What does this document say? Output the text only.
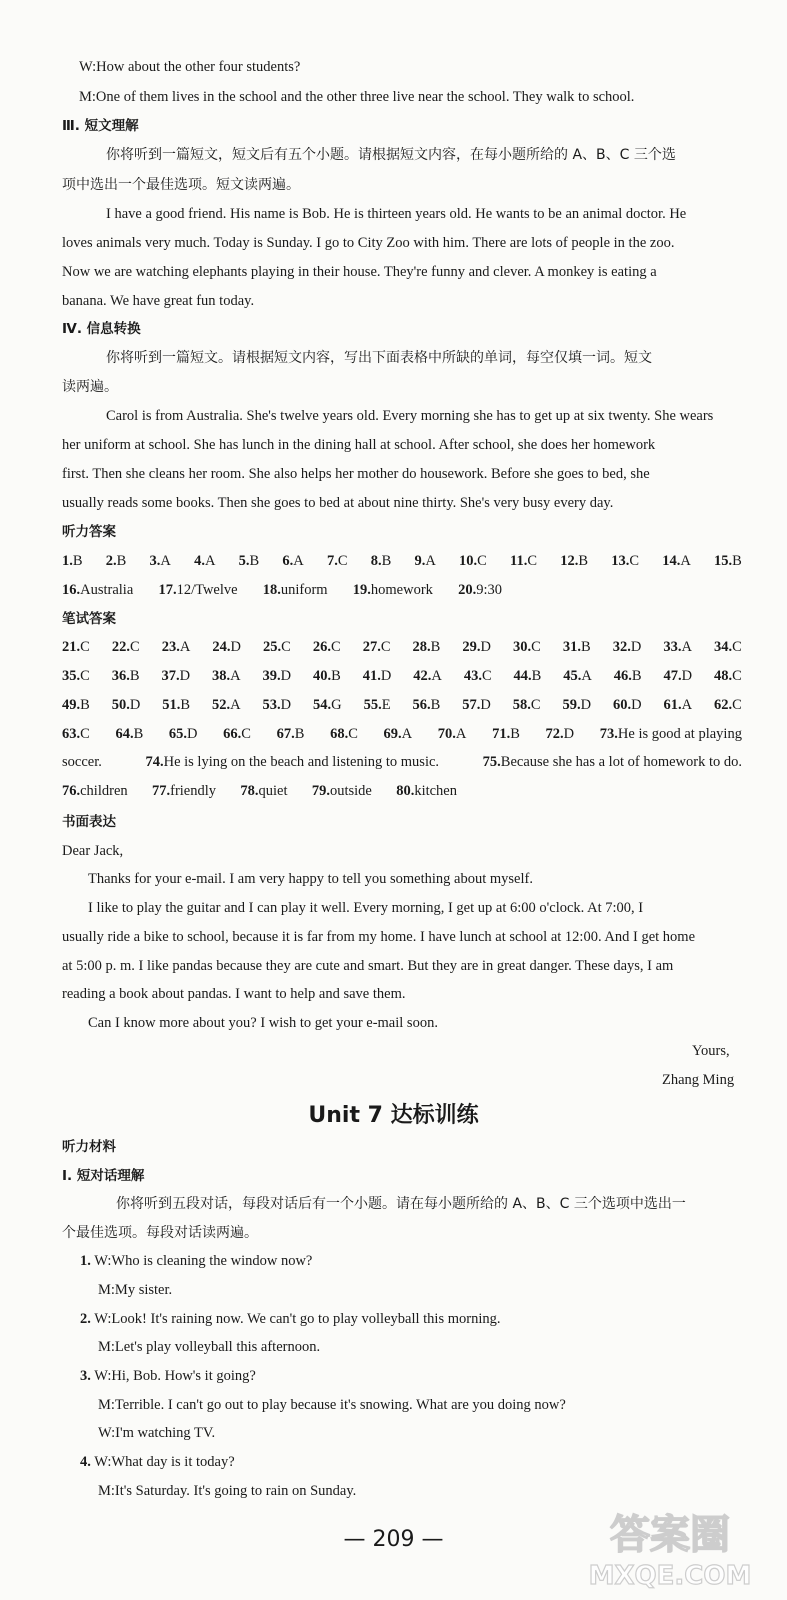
W:How about the other four students?
M:One of them lives in the school and the other three live near the school. They walk to school.
Ⅲ. 短文理解
你将听到一篇短文，短文后有五个小题。请根据短文内容，在每小题所给的 A、B、C 三个选
项中选出一个最佳选项。短文读两遍。
I have a good friend. His name is Bob. He is thirteen years old. He wants to be an animal doctor. He
loves animals very much. Today is Sunday. I go to City Zoo with him. There are lots of people in the zoo.
Now we are watching elephants playing in their house. They're funny and clever. A monkey is eating a
banana. We have great fun today.
Ⅳ. 信息转换
你将听到一篇短文。请根据短文内容，写出下面表格中所缺的单词，每空仅填一词。短文
读两遍。
Carol is from Australia. She's twelve years old. Every morning she has to get up at six twenty. She wears
her uniform at school. She has lunch in the dining hall at school. After school, she does her homework
first. Then she cleans her room. She also helps her mother do housework. Before she goes to bed, she
usually reads some books. Then she goes to bed at about nine thirty. She's very busy every day.
听力答案
1.B 2.B 3.A 4.A 5.B 6.A 7.C 8.B 9.A 10.C 11.C 12.B 13.C 14.A 15.B
16.Australia 17.12/Twelve 18.uniform 19.homework 20.9:30
笔试答案
21.C 22.C 23.A 24.D 25.C 26.C 27.C 28.B 29.D 30.C 31.B 32.D 33.A 34.C
35.C 36.B 37.D 38.A 39.D 40.B 41.D 42.A 43.C 44.B 45.A 46.B 47.D 48.C
49.B 50.D 51.B 52.A 53.D 54.G 55.E 56.B 57.D 58.C 59.D 60.D 61.A 62.C
63.C 64.B 65.D 66.C 67.B 68.C 69.A 70.A 71.B 72.D 73.He is good at playing
soccer.	74.He is lying on the beach and listening to music.	75.Because she has a lot of homework to do.
76.children 77.friendly 78.quiet 79.outside 80.kitchen
书面表达
Dear Jack,
Thanks for your e-mail. I am very happy to tell you something about myself.
I like to play the guitar and I can play it well. Every morning, I get up at 6:00 o'clock. At 7:00, I
usually ride a bike to school, because it is far from my home. I have lunch at school at 12:00. And I get home
at 5:00 p. m. I like pandas because they are cute and smart. But they are in great danger. These days, I am
reading a book about pandas. I want to help and save them.
Can I know more about you? I wish to get your e-mail soon.
Yours,
Zhang Ming
Unit 7 达标训练
听力材料
Ⅰ. 短对话理解
你将听到五段对话，每段对话后有一个小题。请在每小题所给的 A、B、C 三个选项中选出一
个最佳选项。每段对话读两遍。
1. W:Who is cleaning the window now?
M:My sister.
2. W:Look! It's raining now. We can't go to play volleyball this morning.
M:Let's play volleyball this afternoon.
3. W:Hi, Bob. How's it going?
M:Terrible. I can't go out to play because it's snowing. What are you doing now?
W:I'm watching TV.
4. W:What day is it today?
M:It's Saturday. It's going to rain on Sunday.
— 209 —	答案圈
MXQE.COM
